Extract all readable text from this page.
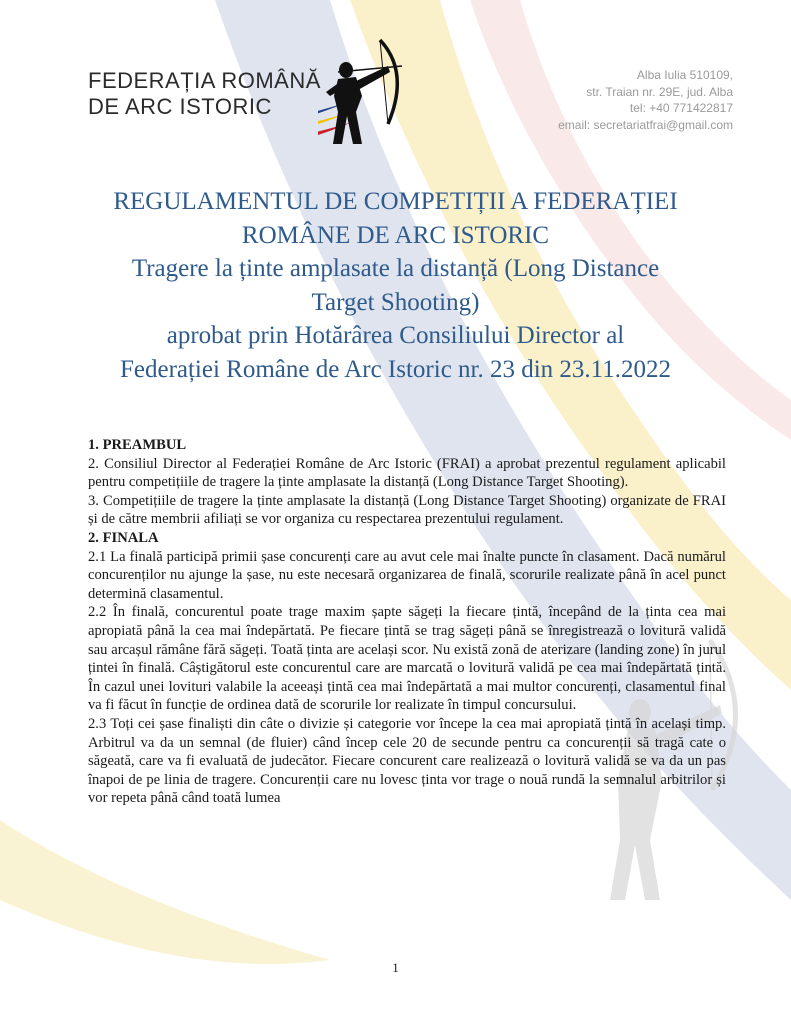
FEDERAȚIA ROMÂNĂ
DE ARC ISTORIC
Alba Iulia 510109,
str. Traian nr. 29E, jud. Alba
tel: +40 771422817
email: secretariatfrai@gmail.com
REGULAMENTUL DE COMPETIȚII A FEDERAȚIEI
ROMÂNE DE ARC ISTORIC
Tragere la ținte amplasate la distanță (Long Distance
Target Shooting)
aprobat prin Hotărârea Consiliului Director al
Federației Române de Arc Istoric nr. 23 din 23.11.2022

1. PREAMBUL

2. Consiliul Director al Federației Române de Arc Istoric (FRAI) a aprobat prezentul regulament aplicabil pentru competițiile de tragere la ținte amplasate la distanță (Long Distance Target Shooting).

3. Competițiile de tragere la ținte amplasate la distanță (Long Distance Target Shooting) organizate de FRAI și de către membrii afiliați se vor organiza cu respectarea prezentului regulament.

2. FINALA

2.1 La finală participă primii șase concurenți care au avut cele mai înalte puncte în clasament. Dacă numărul concurenților nu ajunge la șase, nu este necesară organizarea de finală, scorurile realizate până în acel punct determină clasamentul.

2.2 În finală, concurentul poate trage maxim șapte săgeți la fiecare țintă, începând de la ținta cea mai apropiată până la cea mai îndepărtată. Pe fiecare țintă se trag săgeți până se înregistrează o lovitură validă sau arcașul rămâne fără săgeți. Toată ținta are același scor. Nu există zonă de aterizare (landing zone) în jurul țintei în finală. Câștigătorul este concurentul care are marcată o lovitură validă pe cea mai îndepărtată țintă. În cazul unei lovituri valabile la aceeași țintă cea mai îndepărtată a mai multor concurenți, clasamentul final va fi făcut în funcție de ordinea dată de scorurile lor realizate în timpul concursului.

2.3 Toți cei șase finaliști din câte o divizie și categorie vor începe la cea mai apropiată țintă în același timp. Arbitrul va da un semnal (de fluier) când încep cele 20 de secunde pentru ca concurenții să tragă cate o săgeată, care va fi evaluată de judecător. Fiecare concurent care realizează o lovitură validă se va da un pas înapoi de pe linia de tragere. Concurenții care nu lovesc ținta vor trage o nouă rundă la semnalul arbitrilor și vor repeta până când toată lumea

1
